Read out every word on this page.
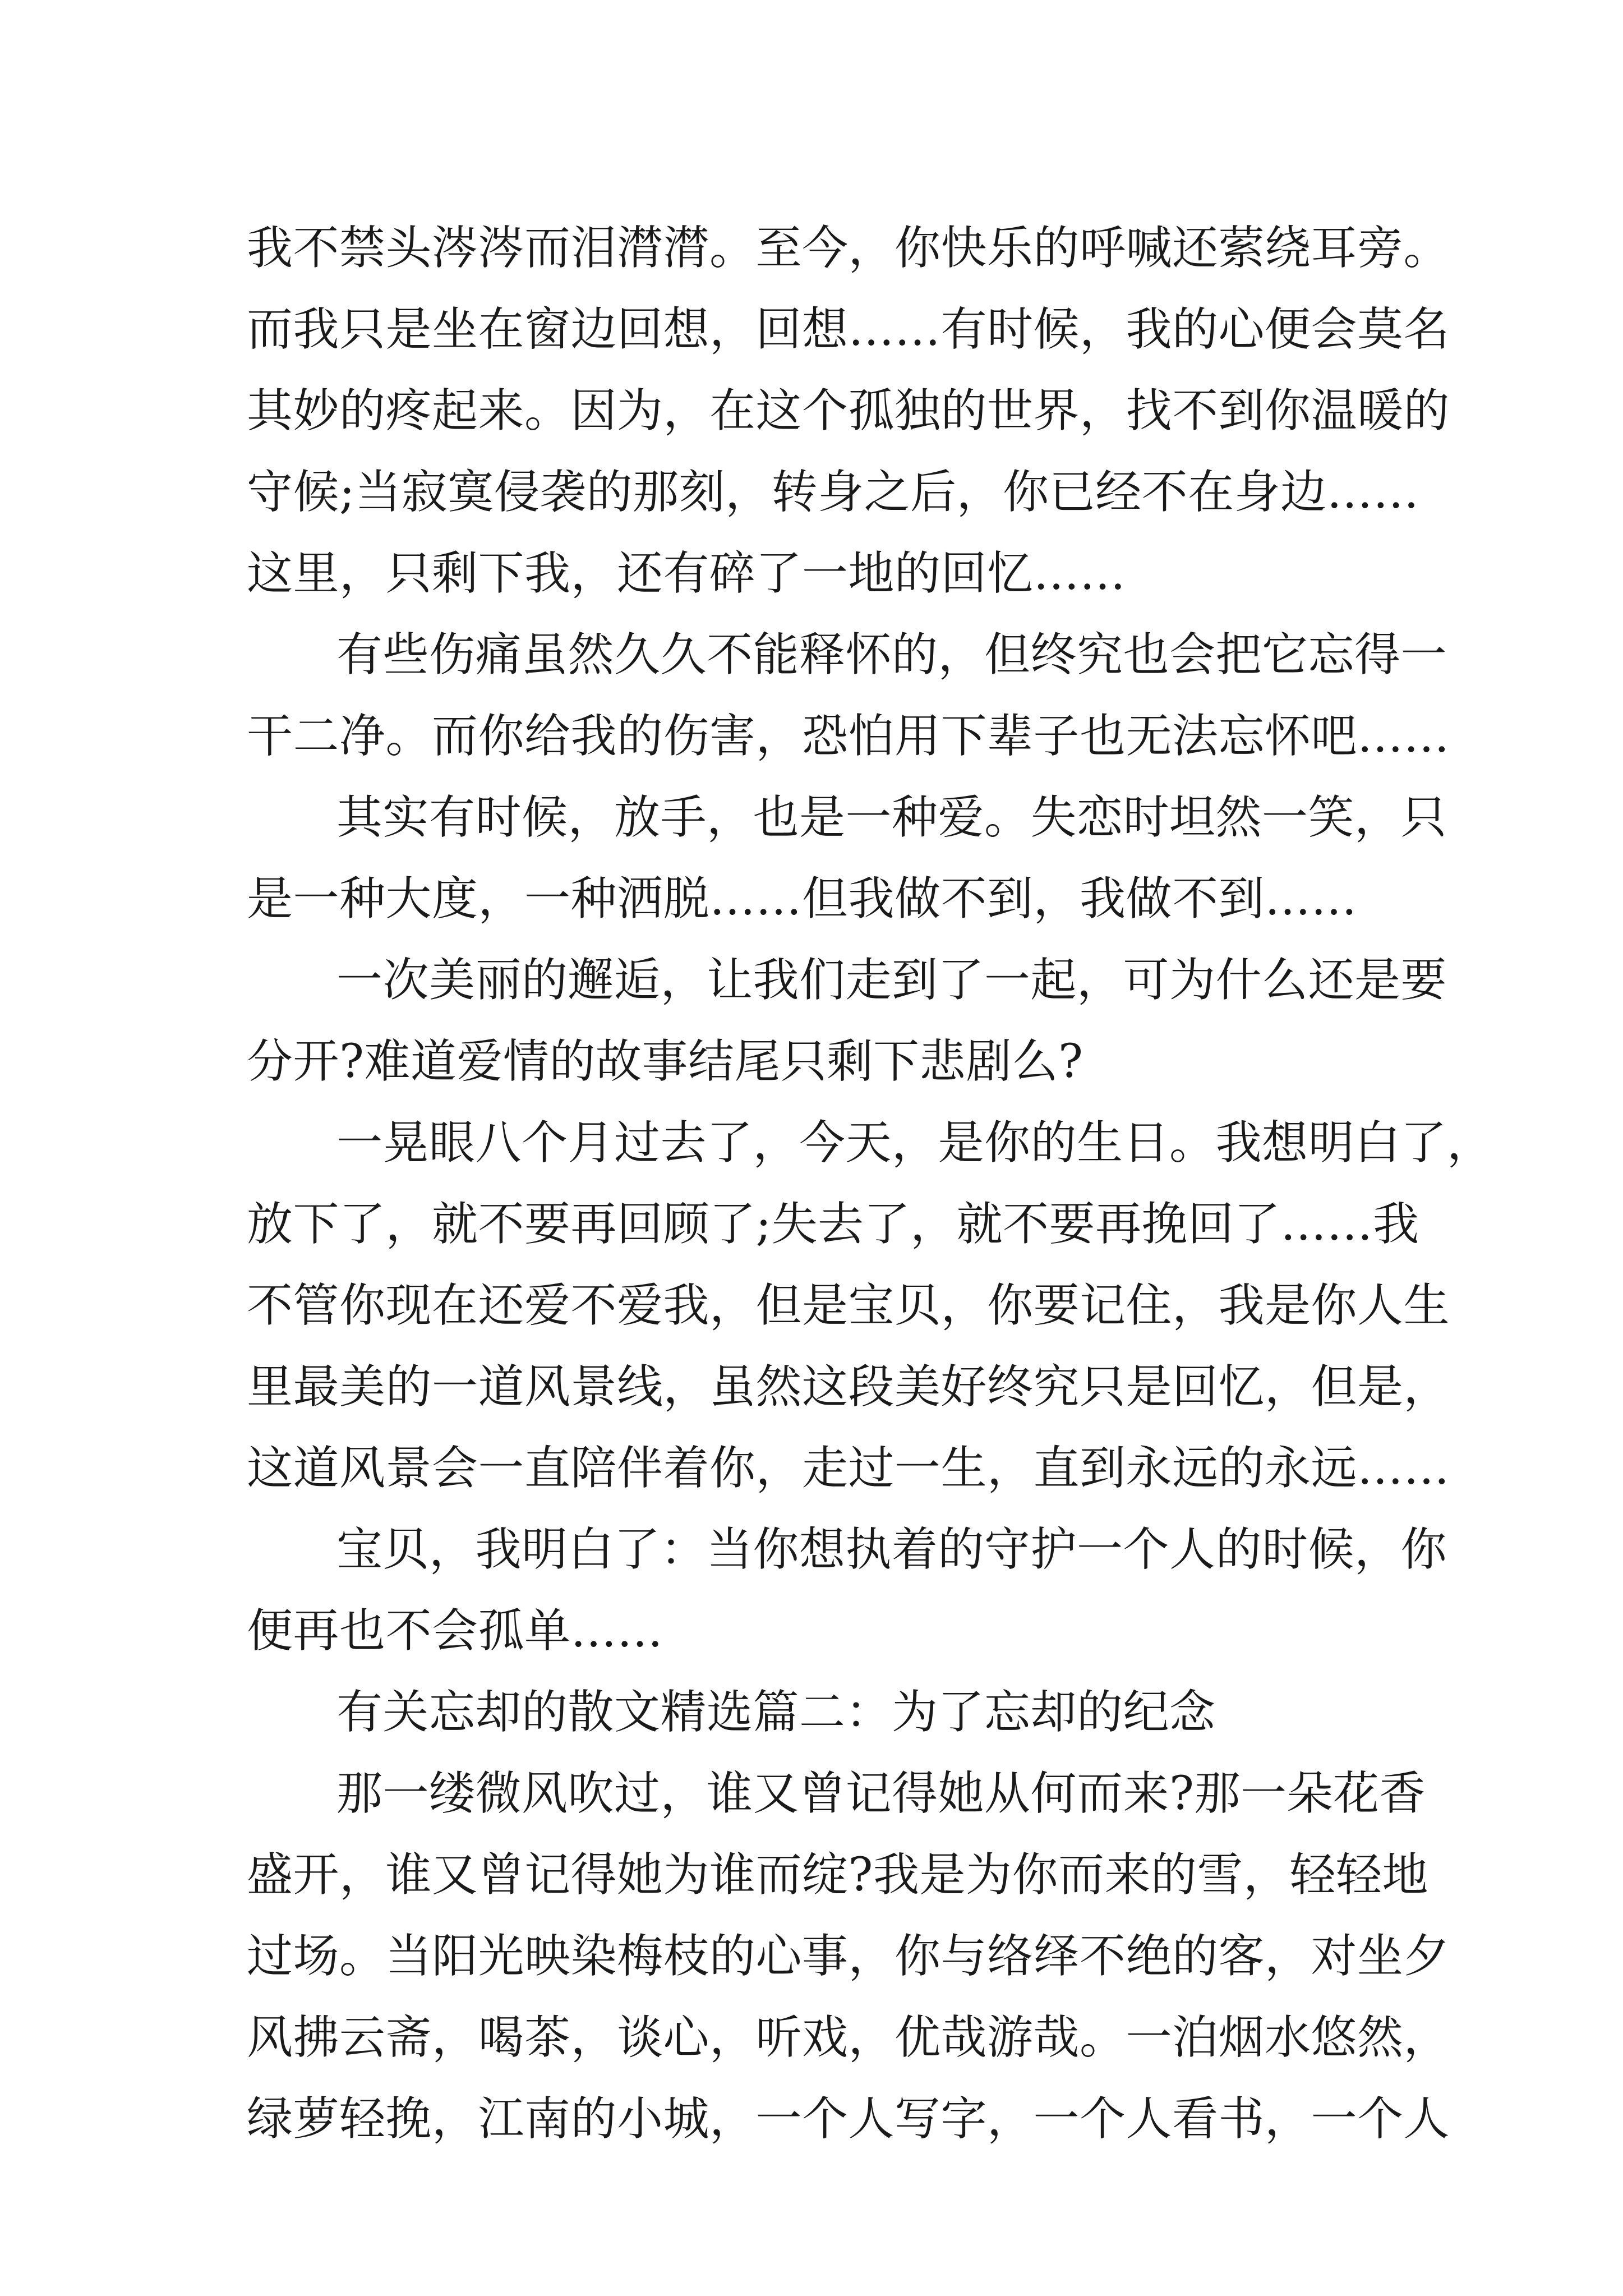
我不禁头涔涔而泪潸潸。至今，你快乐的呼喊还萦绕耳旁。
而我只是坐在窗边回想，回想……有时候，我的心便会莫名
其妙的疼起来。因为，在这个孤独的世界，找不到你温暖的
守候;当寂寞侵袭的那刻，转身之后，你已经不在身边……
这里，只剩下我，还有碎了一地的回忆……
有些伤痛虽然久久不能释怀的，但终究也会把它忘得一
干二净。而你给我的伤害，恐怕用下辈子也无法忘怀吧……
其实有时候，放手，也是一种爱。失恋时坦然一笑，只
是一种大度，一种洒脱……但我做不到，我做不到……
一次美丽的邂逅，让我们走到了一起，可为什么还是要
分开?难道爱情的故事结尾只剩下悲剧么?
一晃眼八个月过去了，今天，是你的生日。我想明白了，
放下了，就不要再回顾了;失去了，就不要再挽回了……我
不管你现在还爱不爱我，但是宝贝，你要记住，我是你人生
里最美的一道风景线，虽然这段美好终究只是回忆，但是，
这道风景会一直陪伴着你，走过一生，直到永远的永远……
宝贝，我明白了：当你想执着的守护一个人的时候，你
便再也不会孤单……
有关忘却的散文精选篇二：为了忘却的纪念
那一缕微风吹过，谁又曾记得她从何而来?那一朵花香
盛开，谁又曾记得她为谁而绽?我是为你而来的雪，轻轻地
过场。当阳光映染梅枝的心事，你与络绎不绝的客，对坐夕
风拂云斋，喝茶，谈心，听戏，优哉游哉。一泊烟水悠然，
绿萝轻挽，江南的小城，一个人写字，一个人看书，一个人
